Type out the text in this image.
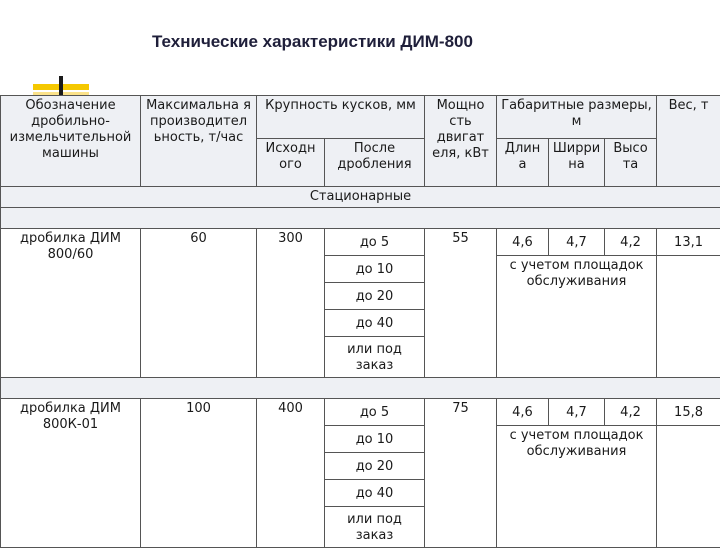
Технические характеристики ДИМ-800
Обозначение дробильно-измельчительной машины	Максимальна я производител ьность, т/час	Крупность кусков, мм		Мощно сть двигат еля, кВт	Габаритные размеры, м			Вес, т
		Исходн ого	После дробления		Длин а	Ширри на	Высо та	
Стационарные								

дробилка ДИМ 800/60	60	300	до 5	55	4,6	4,7	4,2	13,1
			до 10		с учетом площадок обслуживания			
			до 20					
			до 40					
			или под заказ					

дробилка ДИМ 800К-01	100	400	до 5	75	4,6	4,7	4,2	15,8
			до 10		с учетом площадок обслуживания			
			до 20					
			до 40					
			или под заказ					
